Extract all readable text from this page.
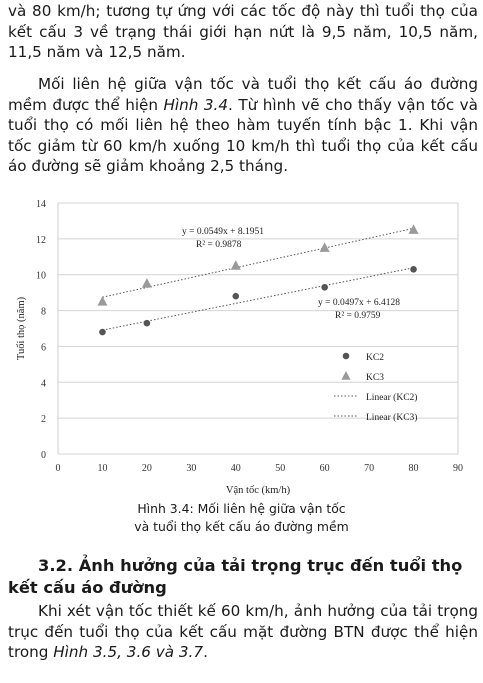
và 80 km/h; tương tự ứng với các tốc độ này thì tuổi thọ của kết cấu 3 về trạng thái giới hạn nứt là 9,5 năm, 10,5 năm, 11,5 năm và 12,5 năm.
Mối liên hệ giữa vận tốc và tuổi thọ kết cấu áo đường mềm được thể hiện Hình 3.4. Từ hình vẽ cho thấy vận tốc và tuổi thọ có mối liên hệ theo hàm tuyến tính bậc 1. Khi vận tốc giảm từ 60 km/h xuống 10 km/h thì tuổi thọ của kết cấu áo đường sẽ giảm khoảng 2,5 tháng.
0
2
4
6
8
10
12
14
0	10	20	30	40	50	60	70	80	90
Vận tốc (km/h)
Tuổi thọ (năm)	y = 0.0497x + 6.4128
R² = 0.9759
y = 0.0549x + 8.1951
R² = 0.9878
KC2
KC3
Linear (KC2)
Linear (KC3)
Hình 3.4: Mối liên hệ giữa vận tốc
và tuổi thọ kết cấu áo đường mềm
3.2. Ảnh hưởng của tải trọng trục đến tuổi thọ kết cấu áo đường
Khi xét vận tốc thiết kế 60 km/h, ảnh hưởng của tải trọng trục đến tuổi thọ của kết cấu mặt đường BTN được thể hiện trong Hình 3.5, 3.6 và 3.7.
